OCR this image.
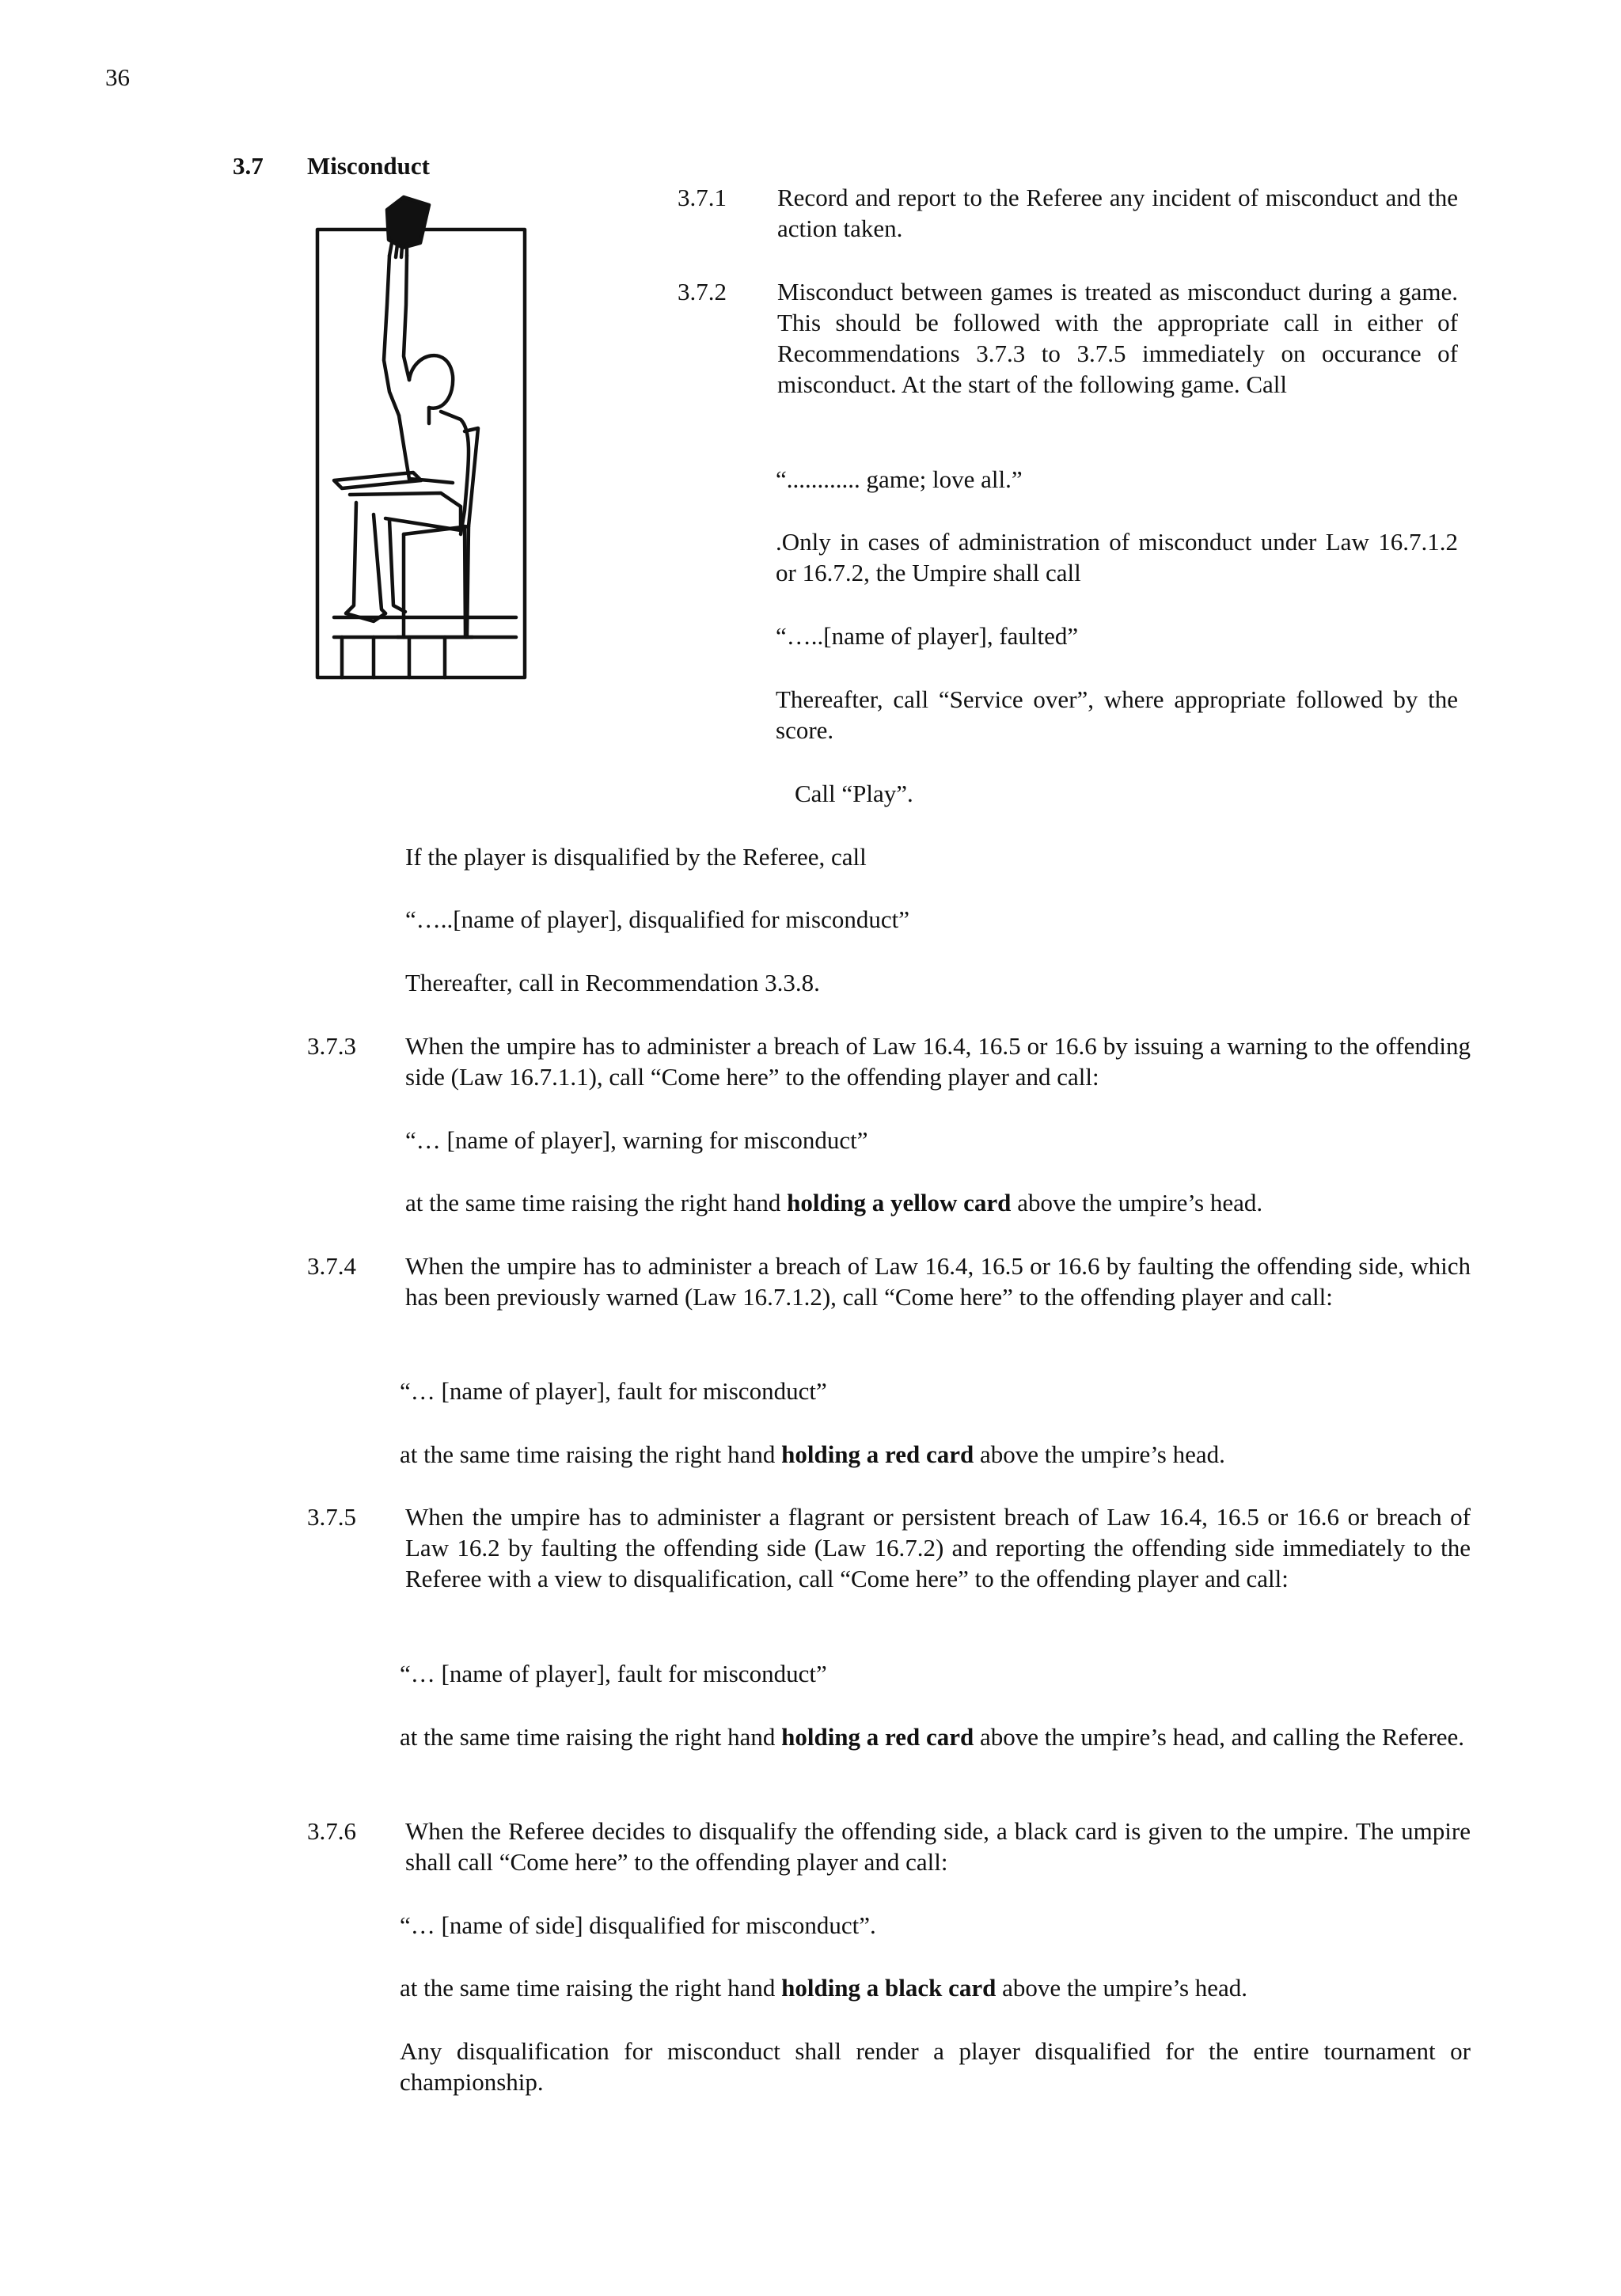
36
3.7 Misconduct
3.7.1 Record and report to the Referee any incident of misconduct and the action taken.

3.7.2 Misconduct between games is treated as misconduct during a game. This should be followed with the appropriate call in either of Recommendations 3.7.3 to 3.7.5 immediately on occurance of misconduct. At the start of the following game. Call

“............ game; love all.”

.Only in cases of administration of misconduct under Law 16.7.1.2 or 16.7.2, the Umpire shall call

“…..[name of player], faulted”

Thereafter, call “Service over”, where appropriate followed by the score.

Call “Play”.

If the player is disqualified by the Referee, call

“…..[name of player], disqualified for misconduct”

Thereafter, call in Recommendation 3.3.8.

3.7.3 When the umpire has to administer a breach of Law 16.4, 16.5 or 16.6 by issuing a warning to the offending side (Law 16.7.1.1), call “Come here” to the offending player and call:

“… [name of player], warning for misconduct”

at the same time raising the right hand holding a yellow card above the umpire’s head.

3.7.4 When the umpire has to administer a breach of Law 16.4, 16.5 or 16.6 by faulting the offending side, which has been previously warned (Law 16.7.1.2), call “Come here” to the offending player and call:

“… [name of player], fault for misconduct”

at the same time raising the right hand holding a red card above the umpire’s head.

3.7.5 When the umpire has to administer a flagrant or persistent breach of Law 16.4, 16.5 or 16.6 or breach of Law 16.2 by faulting the offending side (Law 16.7.2) and reporting the offending side immediately to the Referee with a view to disqualification, call “Come here” to the offending player and call:

“… [name of player], fault for misconduct”

at the same time raising the right hand holding a red card above the umpire’s head, and calling the Referee.

3.7.6 When the Referee decides to disqualify the offending side, a black card is given to the umpire. The umpire shall call “Come here” to the offending player and call:

“… [name of side] disqualified for misconduct”.

at the same time raising the right hand holding a black card above the umpire’s head.

Any disqualification for misconduct shall render a player disqualified for the entire tournament or championship.
